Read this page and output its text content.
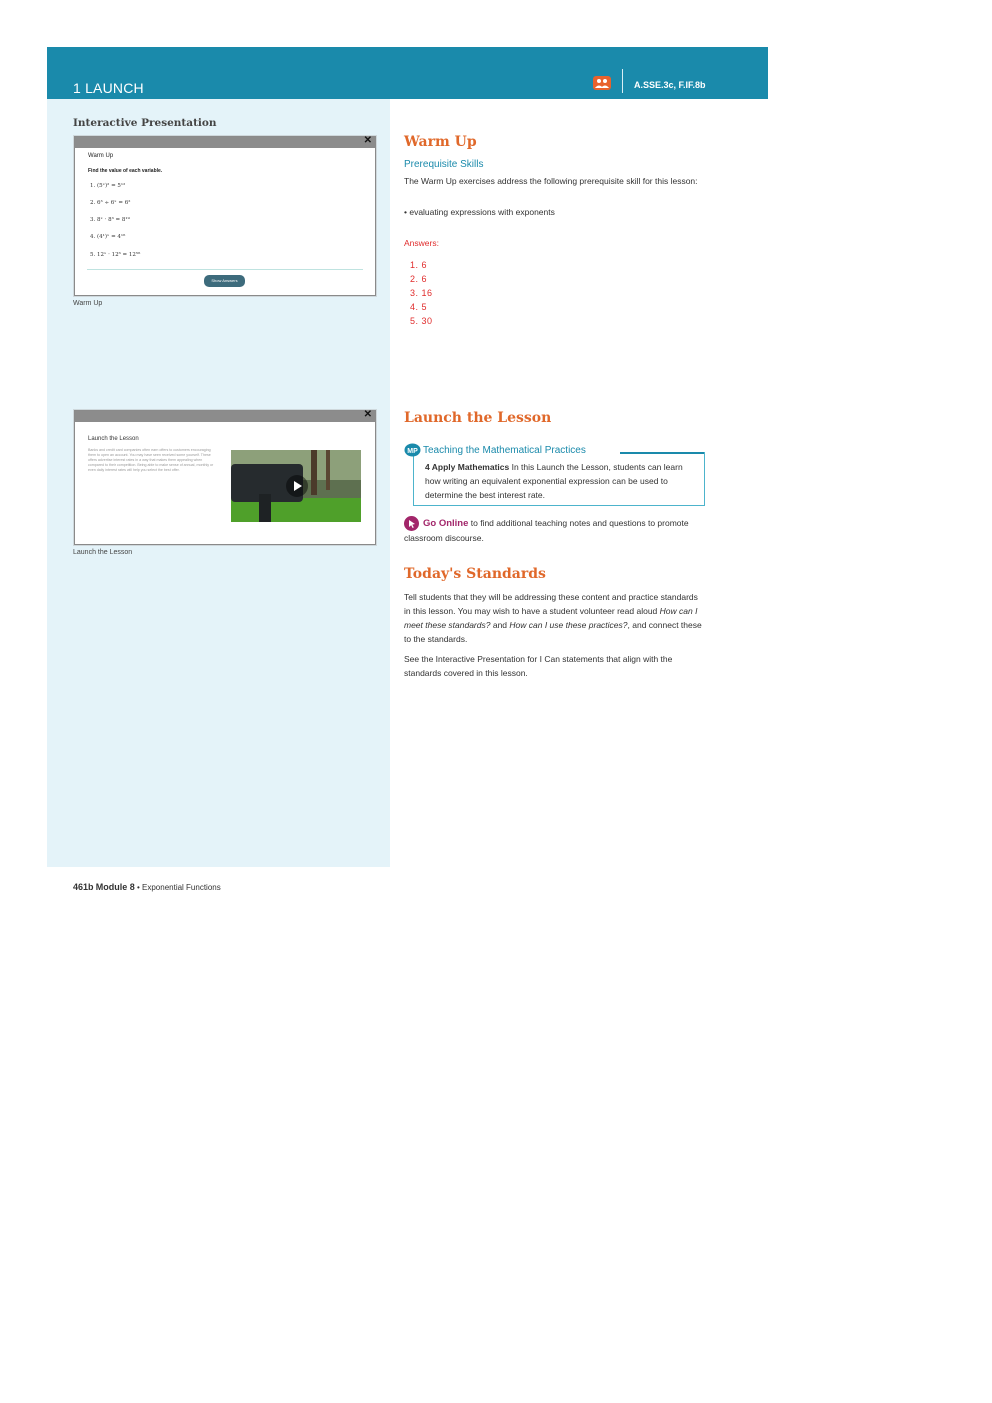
1 LAUNCH	A.SSE.3c, F.IF.8b
Interactive Presentation
✕
Warm Up
Find the value of each variable.
1. (5ˣ)² = 5¹²
2. 6³ ÷ 6ˣ = 6²
3. 8ˣ · 8³ = 8¹⁹
4. (4¹)ˣ = 4¹⁶
5. 12ˣ · 12⁶ = 12⁵⁶
Show Answers
Warm Up
✕
Launch the Lesson
Banks and credit card companies often earn offers to customers encouraging them to open an account. You may have seen received some yourself. These offers advertise interest rates in a way that makes them appealing when compared to their competition. Being able to make sense of annual, monthly or even daily interest rates will help you select the best offer.
Launch the Lesson
Warm Up
Prerequisite Skills
The Warm Up exercises address the following prerequisite skill for this lesson:
• evaluating expressions with exponents
Answers:
1. 6
2. 6
3. 16
4. 5
5. 30
Launch the Lesson
MP Teaching the Mathematical Practices
4 Apply Mathematics In this Launch the Lesson, students can learn how writing an equivalent exponential expression can be used to determine the best interest rate.
Go Online to find additional teaching notes and questions to promote classroom discourse.
Today's Standards
Tell students that they will be addressing these content and practice standards in this lesson. You may wish to have a student volunteer read aloud How can I meet these standards? and How can I use these practices?, and connect these to the standards.
See the Interactive Presentation for I Can statements that align with the standards covered in this lesson.
461b Module 8 • Exponential Functions
